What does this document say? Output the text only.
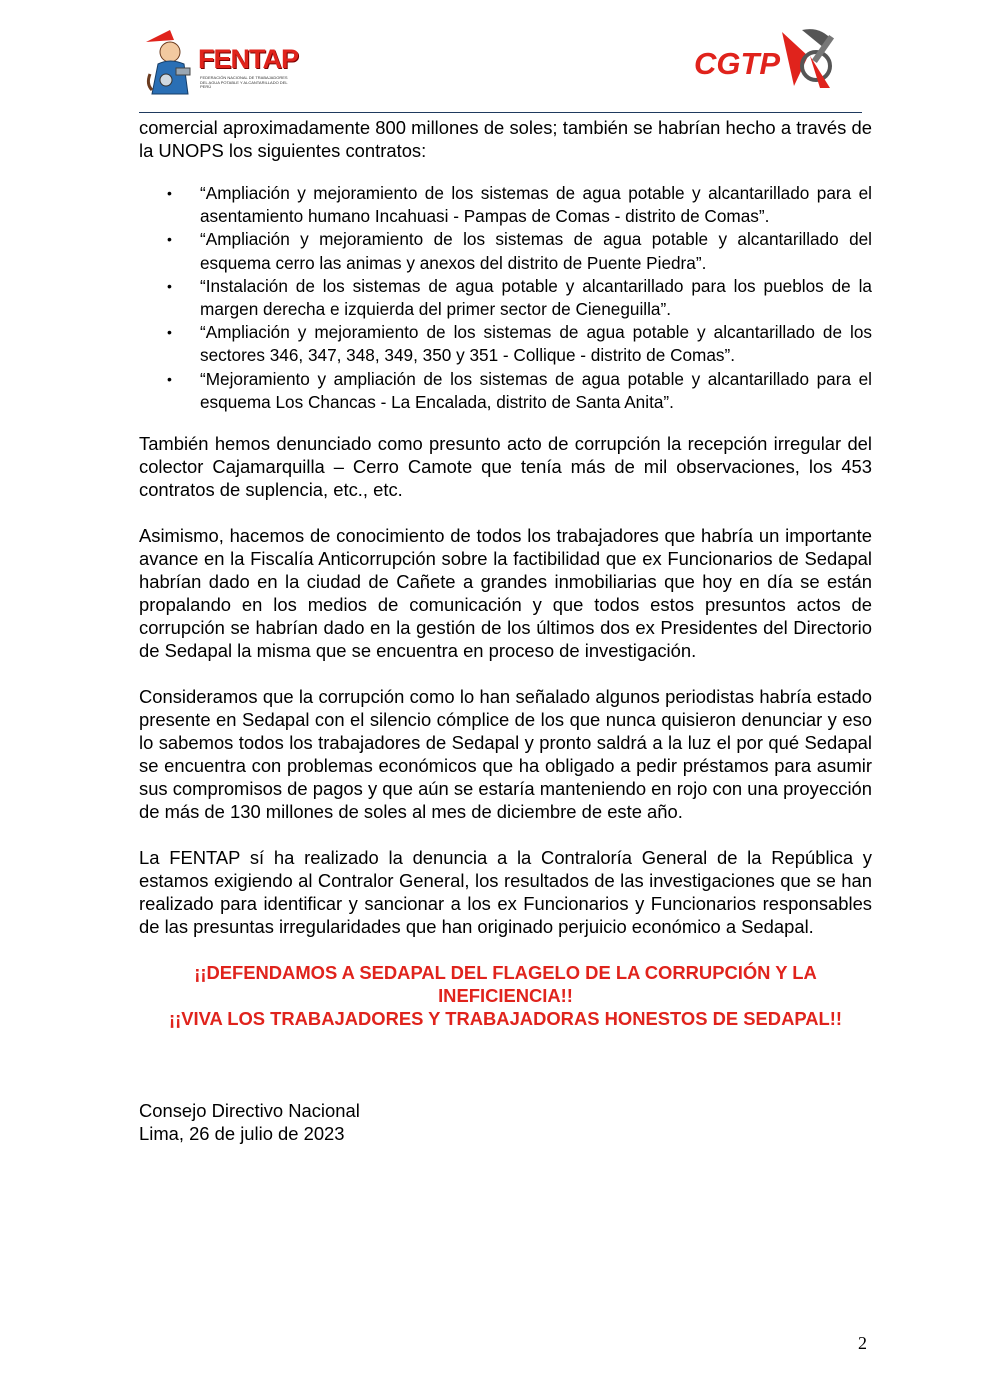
FENTAP
FEDERACIÓN NACIONAL DE TRABAJADORES DEL AGUA POTABLE Y ALCANTARILLADO DEL PERÚ
CGTP

comercial aproximadamente 800 millones de soles; también se habrían hecho a través de la UNOPS los siguientes contratos:

• “Ampliación y mejoramiento de los sistemas de agua potable y alcantarillado para el asentamiento humano Incahuasi - Pampas de Comas - distrito de Comas”.
• “Ampliación y mejoramiento de los sistemas de agua potable y alcantarillado del esquema cerro las animas y anexos del distrito de Puente Piedra”.
• “Instalación de los sistemas de agua potable y alcantarillado para los pueblos de la margen derecha e izquierda del primer sector de Cieneguilla”.
• “Ampliación y mejoramiento de los sistemas de agua potable y alcantarillado de los sectores 346, 347, 348, 349, 350 y 351 - Collique - distrito de Comas”.
• “Mejoramiento y ampliación de los sistemas de agua potable y alcantarillado para el esquema Los Chancas - La Encalada, distrito de Santa Anita”.

También hemos denunciado como presunto acto de corrupción la recepción irregular del colector Cajamarquilla – Cerro Camote que tenía más de mil observaciones, los 453 contratos de suplencia, etc., etc.

Asimismo, hacemos de conocimiento de todos los trabajadores que habría un importante avance en la Fiscalía Anticorrupción sobre la factibilidad que ex Funcionarios de Sedapal habrían dado en la ciudad de Cañete a grandes inmobiliarias que hoy en día se están propalando en los medios de comunicación y que todos estos presuntos actos de corrupción se habrían dado en la gestión de los últimos dos ex Presidentes del Directorio de Sedapal la misma que se encuentra en proceso de investigación.

Consideramos que la corrupción como lo han señalado algunos periodistas habría estado presente en Sedapal con el silencio cómplice de los que nunca quisieron denunciar y eso lo sabemos todos los trabajadores de Sedapal y pronto saldrá a la luz el por qué Sedapal se encuentra con problemas económicos que ha obligado a pedir préstamos para asumir sus compromisos de pagos y que aún se estaría manteniendo en rojo con una proyección de más de 130 millones de soles al mes de diciembre de este año.

La FENTAP sí ha realizado la denuncia a la Contraloría General de la República y estamos exigiendo al Contralor General, los resultados de las investigaciones que se han realizado para identificar y sancionar a los ex Funcionarios y Funcionarios responsables de las presuntas irregularidades que han originado perjuicio económico a Sedapal.

¡¡DEFENDAMOS A SEDAPAL DEL FLAGELO DE LA CORRUPCIÓN Y LA INEFICIENCIA!!
¡¡VIVA LOS TRABAJADORES Y TRABAJADORAS HONESTOS DE SEDAPAL!!

Consejo Directivo Nacional

Lima, 26 de julio de 2023

2
